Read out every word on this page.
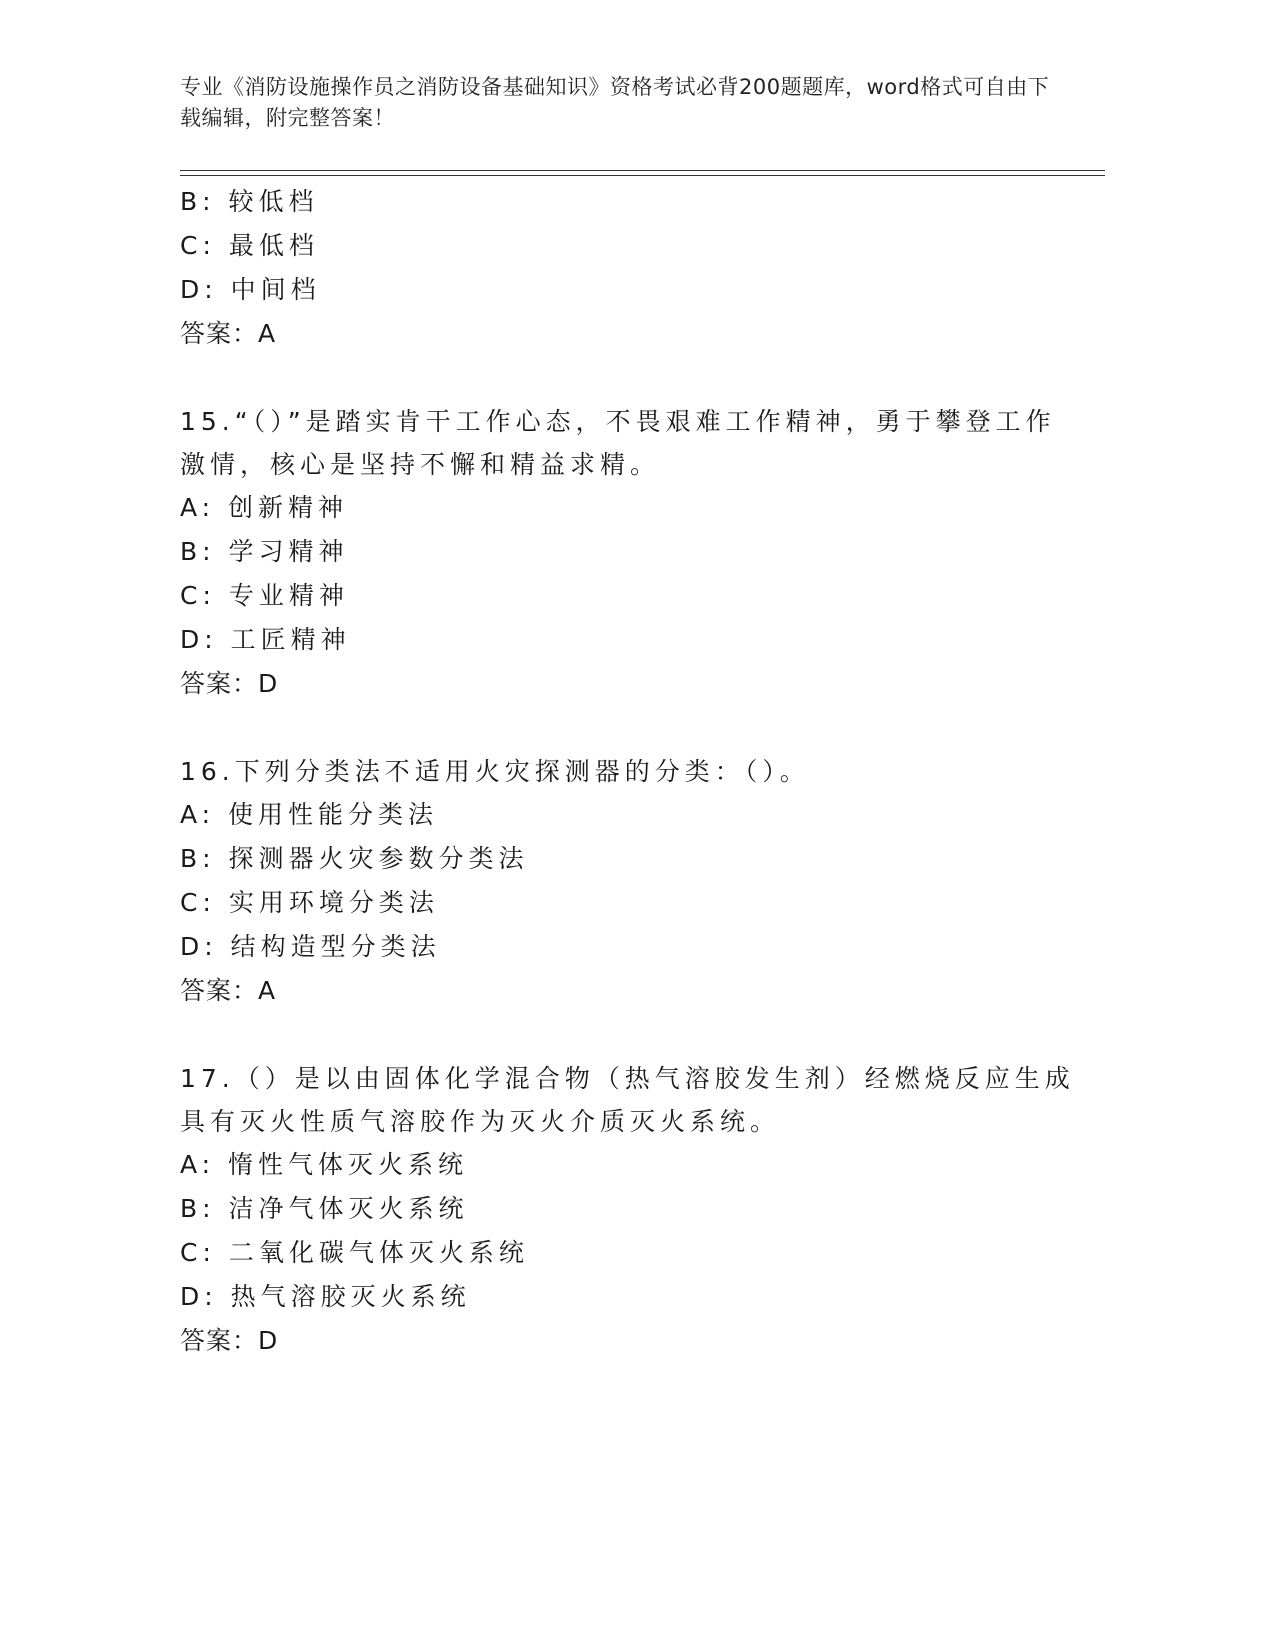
专业《消防设施操作员之消防设备基础知识》资格考试必背200题题库，word格式可自由下载编辑，附完整答案！
B: 较低档
C: 最低档
D: 中间档
答案：A
15.“（）”是踏实肯干工作心态，不畏艰难工作精神，勇于攀登工作激情，核心是坚持不懈和精益求精。
A: 创新精神
B: 学习精神
C: 专业精神
D: 工匠精神
答案：D
16.下列分类法不适用火灾探测器的分类：（）。
A: 使用性能分类法
B: 探测器火灾参数分类法
C: 实用环境分类法
D: 结构造型分类法
答案：A
17.（）是以由固体化学混合物（热气溶胶发生剂）经燃烧反应生成具有灭火性质气溶胶作为灭火介质灭火系统。
A: 惰性气体灭火系统
B: 洁净气体灭火系统
C: 二氧化碳气体灭火系统
D: 热气溶胶灭火系统
答案：D
